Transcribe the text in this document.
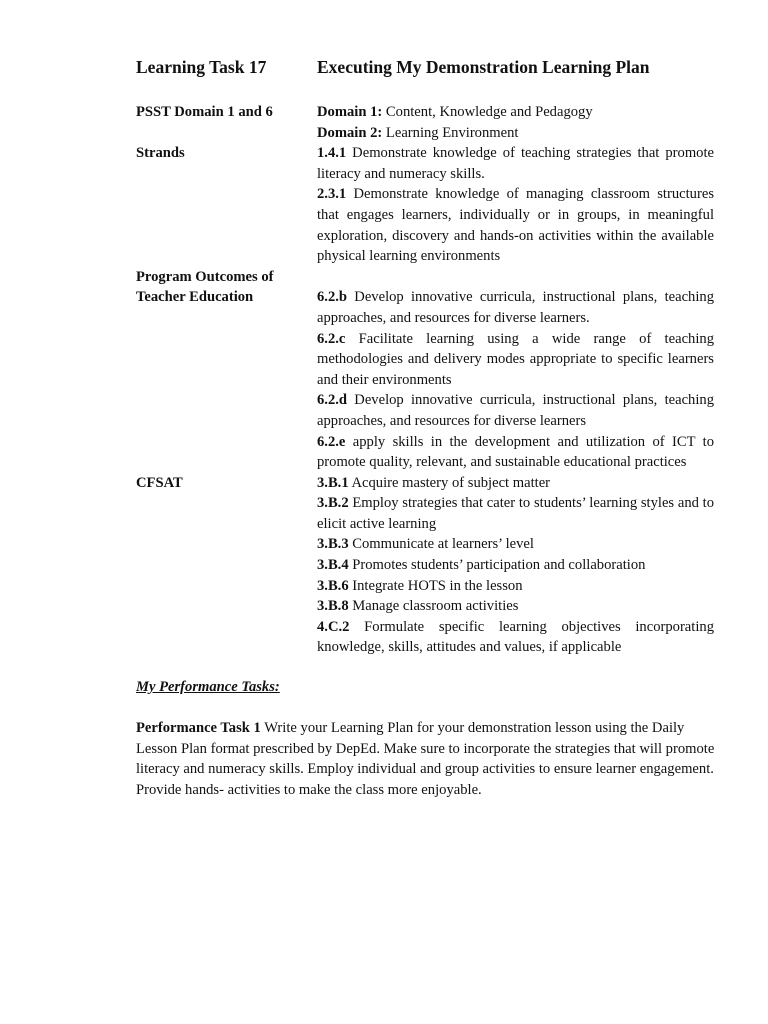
Learning Task 17	Executing My Demonstration Learning Plan
PSST Domain 1 and 6	Domain 1: Content, Knowledge and Pedagogy
Domain 2: Learning Environment
Strands	1.4.1 Demonstrate knowledge of teaching strategies that promote literacy and numeracy skills.
2.3.1 Demonstrate knowledge of managing classroom structures that engages learners, individually or in groups, in meaningful exploration, discovery and hands-on activities within the available physical learning environments
Program Outcomes of

Teacher Education	6.2.b Develop innovative curricula, instructional plans, teaching approaches, and resources for diverse learners.
6.2.c Facilitate learning using a wide range of teaching methodologies and delivery modes appropriate to specific learners and their environments
6.2.d Develop innovative curricula, instructional plans, teaching approaches, and resources for diverse learners
6.2.e apply skills in the development and utilization of ICT to promote quality, relevant, and sustainable educational practices
CFSAT	3.B.1 Acquire mastery of subject matter
3.B.2 Employ strategies that cater to students’ learning styles and to elicit active learning
3.B.3 Communicate at learners’ level
3.B.4 Promotes students’ participation and collaboration
3.B.6 Integrate HOTS in the lesson
3.B.8 Manage classroom activities
4.C.2 Formulate specific learning objectives incorporating knowledge, skills, attitudes and values, if applicable
My Performance Tasks:
Performance Task 1 Write your Learning Plan for your demonstration lesson using the Daily Lesson Plan format prescribed by DepEd. Make sure to incorporate the strategies that will promote literacy and numeracy skills. Employ individual and group activities to ensure learner engagement. Provide hands- activities to make the class more enjoyable.
